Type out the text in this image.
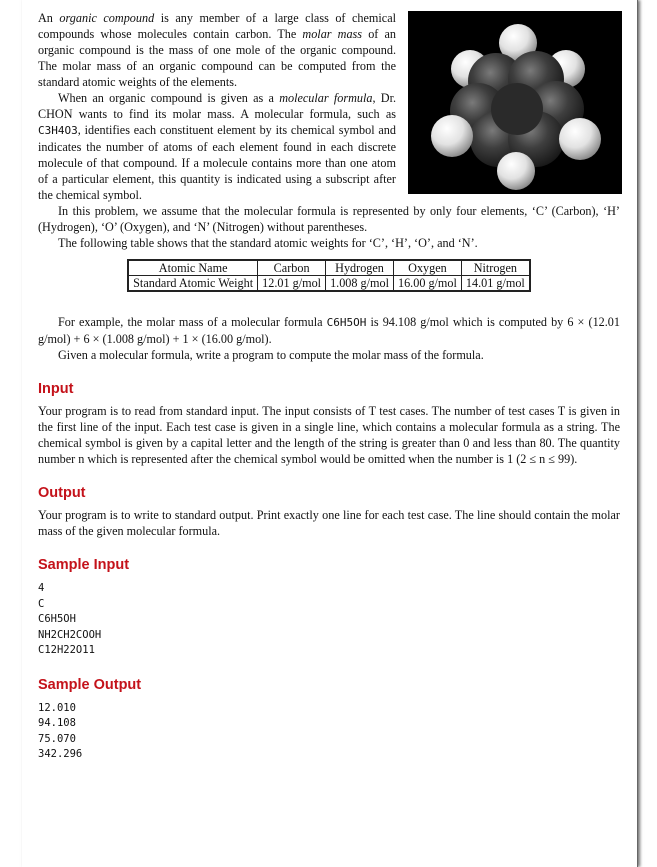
An organic compound is any member of a large class of chemical compounds whose molecules contain carbon. The molar mass of an organic compound is the mass of one mole of the organic compound. The molar mass of an organic compound can be computed from the standard atomic weights of the elements.

When an organic compound is given as a molecular formula, Dr. CHON wants to find its molar mass. A molecular formula, such as C3H4O3, identifies each constituent element by its chemical symbol and indicates the number of atoms of each element found in each discrete molecule of that compound. If a molecule contains more than one atom of a particular element, this quantity is indicated using a subscript after the chemical symbol.

In this problem, we assume that the molecular formula is represented by only four elements, ‘C’ (Carbon), ‘H’ (Hydrogen), ‘O’ (Oxygen), and ‘N’ (Nitrogen) without parentheses.

The following table shows that the standard atomic weights for ‘C’, ‘H’, ‘O’, and ‘N’.

Atomic Name	Carbon	Hydrogen	Oxygen	Nitrogen
Standard Atomic Weight	12.01 g/mol	1.008 g/mol	16.00 g/mol	14.01 g/mol

For example, the molar mass of a molecular formula C6H5OH is 94.108 g/mol which is computed by 6 × (12.01 g/mol) + 6 × (1.008 g/mol) + 1 × (16.00 g/mol).

Given a molecular formula, write a program to compute the molar mass of the formula.

Input

Your program is to read from standard input. The input consists of T test cases. The number of test cases T is given in the first line of the input. Each test case is given in a single line, which contains a molecular formula as a string. The chemical symbol is given by a capital letter and the length of the string is greater than 0 and less than 80. The quantity number n which is represented after the chemical symbol would be omitted when the number is 1 (2 ≤ n ≤ 99).

Output

Your program is to write to standard output. Print exactly one line for each test case. The line should contain the molar mass of the given molecular formula.

Sample Input
4
C
C6H5OH
NH2CH2COOH
C12H22O11
Sample Output
12.010
94.108
75.070
342.296
